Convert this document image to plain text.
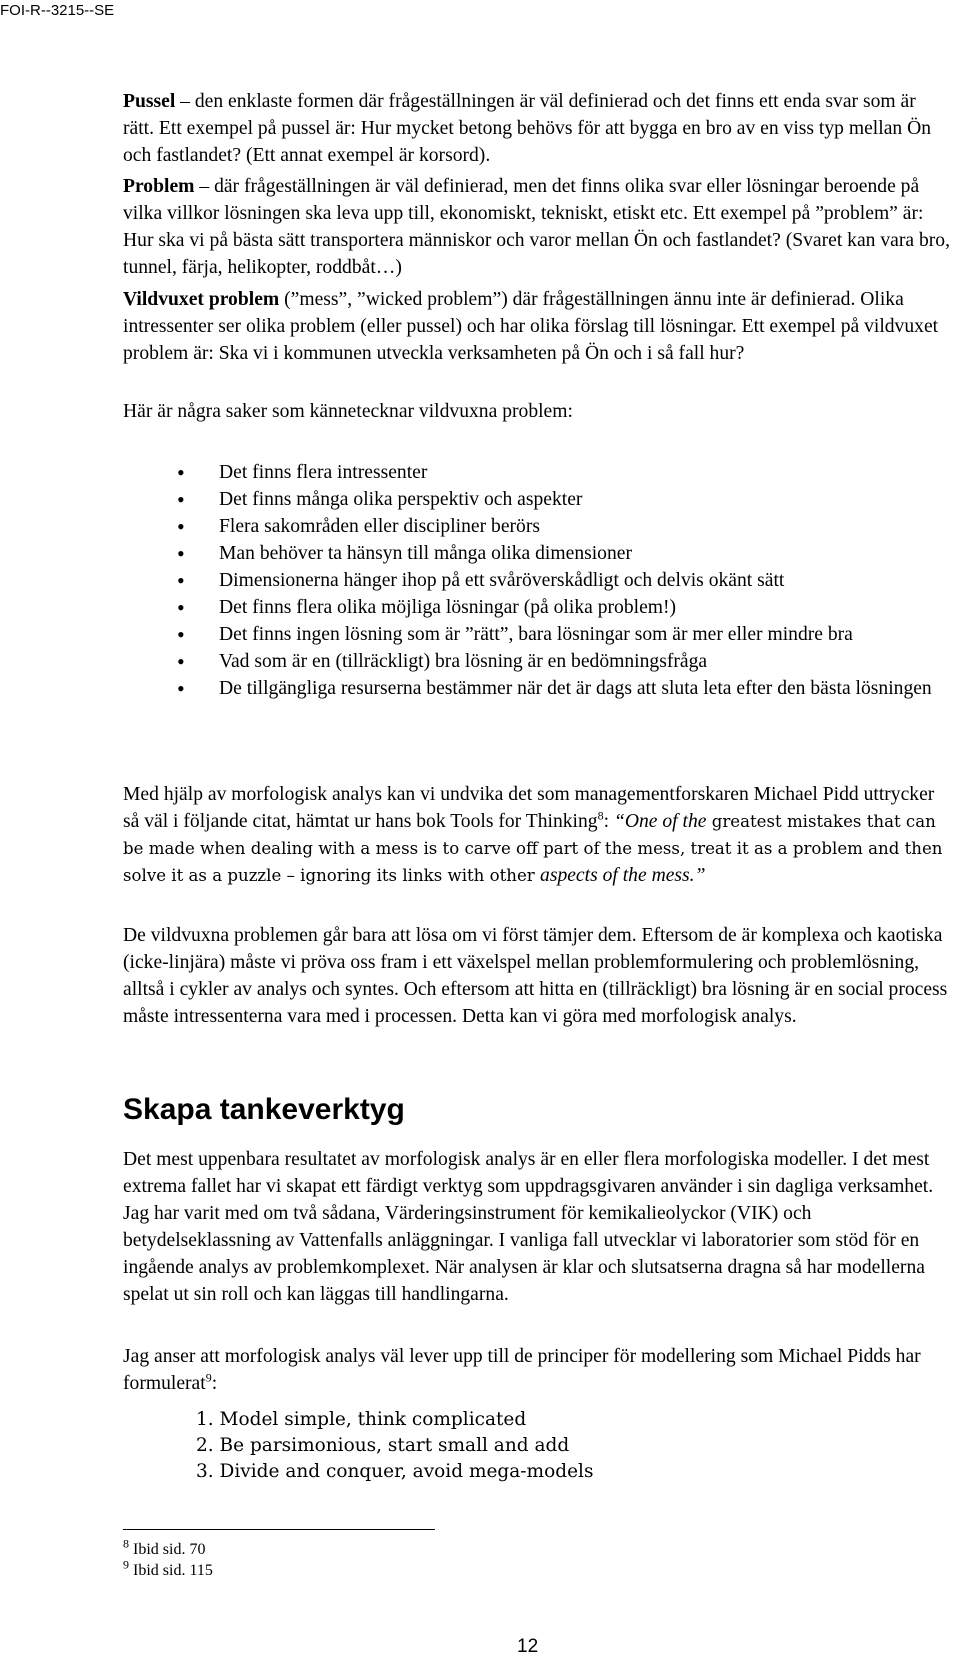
FOI-R--3215--SE

Pussel – den enklaste formen där frågeställningen är väl definierad och det finns ett enda svar som är rätt. Ett exempel på pussel är: Hur mycket betong behövs för att bygga en bro av en viss typ mellan Ön och fastlandet? (Ett annat exempel är korsord).

Problem – där frågeställningen är väl definierad, men det finns olika svar eller lösningar beroende på vilka villkor lösningen ska leva upp till, ekonomiskt, tekniskt, etiskt etc. Ett exempel på ”problem” är: Hur ska vi på bästa sätt transportera människor och varor mellan Ön och fastlandet? (Svaret kan vara bro, tunnel, färja, helikopter, roddbåt…)

Vildvuxet problem (”mess”, ”wicked problem”) där frågeställningen ännu inte är definierad. Olika intressenter ser olika problem (eller pussel) och har olika förslag till lösningar. Ett exempel på vildvuxet problem är: Ska vi i kommunen utveckla verksamheten på Ön och i så fall hur?

Här är några saker som kännetecknar vildvuxna problem:

• Det finns flera intressenter
• Det finns många olika perspektiv och aspekter
• Flera sakområden eller discipliner berörs
• Man behöver ta hänsyn till många olika dimensioner
• Dimensionerna hänger ihop på ett svåröverskådligt och delvis okänt sätt
• Det finns flera olika möjliga lösningar (på olika problem!)
• Det finns ingen lösning som är ”rätt”, bara lösningar som är mer eller mindre bra
• Vad som är en (tillräckligt) bra lösning är en bedömningsfråga
• De tillgängliga resurserna bestämmer när det är dags att sluta leta efter den bästa lösningen

Med hjälp av morfologisk analys kan vi undvika det som managementforskaren Michael Pidd uttrycker så väl i följande citat, hämtat ur hans bok Tools for Thinking$^8$: “One of the greatest mistakes that can be made when dealing with a mess is to carve off part of the mess, treat it as a problem and then solve it as a puzzle – ignoring its links with other aspects of the mess.”

De vildvuxna problemen går bara att lösa om vi först tämjer dem. Eftersom de är komplexa och kaotiska (icke-linjära) måste vi pröva oss fram i ett växelspel mellan problemformulering och problemlösning, alltså i cykler av analys och syntes. Och eftersom att hitta en (tillräckligt) bra lösning är en social process måste intressenterna vara med i processen. Detta kan vi göra med morfologisk analys.

Skapa tankeverktyg

Det mest uppenbara resultatet av morfologisk analys är en eller flera morfologiska modeller. I det mest extrema fallet har vi skapat ett färdigt verktyg som uppdragsgivaren använder i sin dagliga verksamhet. Jag har varit med om två sådana, Värderingsinstrument för kemikalieolyckor (VIK) och betydelseklassning av Vattenfalls anläggningar. I vanliga fall utvecklar vi laboratorier som stöd för en ingående analys av problemkomplexet. När analysen är klar och slutsatserna dragna så har modellerna spelat ut sin roll och kan läggas till handlingarna.

Jag anser att morfologisk analys väl lever upp till de principer för modellering som Michael Pidds har formulerat$^9$:

1. Model simple, think complicated
2. Be parsimonious, start small and add
3. Divide and conquer, avoid mega-models
$^8$ Ibid sid. 70
$^9$ Ibid sid. 115
12
